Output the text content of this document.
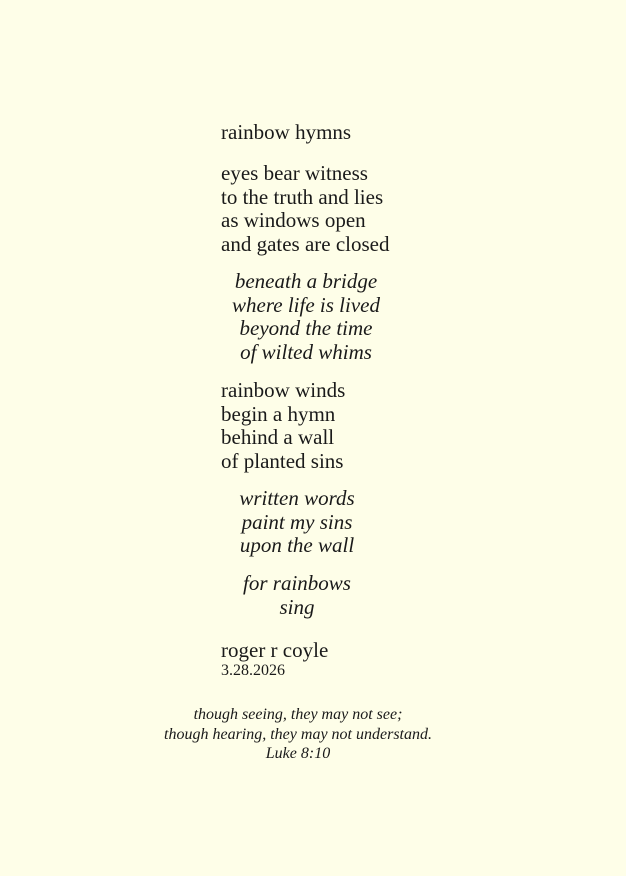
rainbow hymns
eyes bear witness
to the truth and lies
as windows open
and gates are closed
beneath a bridge
where life is lived
beyond the time
of wilted whims
rainbow winds
begin a hymn
behind a wall
of planted sins
written words
paint my sins
upon the wall
for rainbows
sing

roger r coyle

3.28.2026

though seeing, they may not see;
though hearing, they may not understand.
Luke 8:10
